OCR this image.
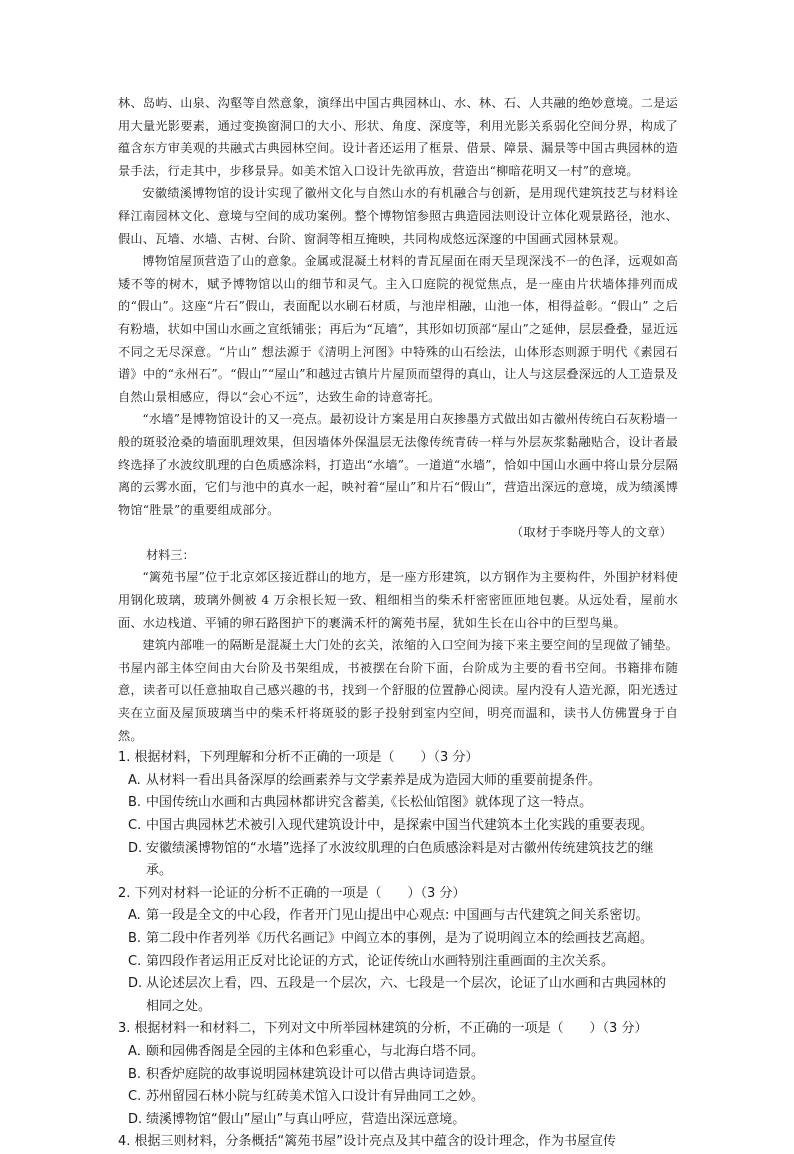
林、岛屿、山泉、沟壑等自然意象，演绎出中国古典园林山、水、林、石、人共融的绝妙意境。二是运用大量光影要素，通过变换窗洞口的大小、形状、角度、深度等，利用光影关系弱化空间分界，构成了蕴含东方审美观的共融式古典园林空间。设计者还运用了框景、借景、障景、漏景等中国古典园林的造景手法，行走其中，步移景异。如美术馆入口设计先欲再放，营造出“柳暗花明又一村”的意境。

安徽绩溪博物馆的设计实现了徽州文化与自然山水的有机融合与创新，是用现代建筑技艺与材料诠释江南园林文化、意境与空间的成功案例。整个博物馆参照古典造园法则设计立体化观景路径，池水、假山、瓦墙、水墙、古树、台阶、窗洞等相互掩映，共同构成悠远深邃的中国画式园林景观。

博物馆屋顶营造了山的意象。金属或混凝土材料的青瓦屋面在雨天呈现深浅不一的色泽，远观如高矮不等的树木，赋予博物馆以山的细节和灵气。主入口庭院的视觉焦点，是一座由片状墙体排列而成的“假山”。这座“片石”假山，表面配以水刷石材质，与池岸相融，山池一体，相得益彰。“假山” 之后有粉墙，状如中国山水画之宣纸铺张；再后为“瓦墙”，其形如切顶部“屋山”之延伸，层层叠叠，显近远不同之无尽深意。“片山” 想法源于《清明上河图》中特殊的山石绘法，山体形态则源于明代《素园石谱》中的“永州石”。“假山”“屋山”和越过古镇片片屋顶而望得的真山，让人与这层叠深远的人工造景及自然山景相感应，得以“会心不远”，达致生命的诗意寄托。

“水墙”是博物馆设计的又一亮点。最初设计方案是用白灰掺墨方式做出如古徽州传统白石灰粉墙一般的斑驳沧桑的墙面肌理效果，但因墙体外保温层无法像传统青砖一样与外层灰浆黏融贴合，设计者最终选择了水波纹肌理的白色质感涂料，打造出“水墙”。一道道“水墙”，恰如中国山水画中将山景分层隔离的云雾水面，它们与池中的真水一起，映衬着“屋山”和片石“假山”，营造出深远的意境，成为绩溪博物馆“胜景”的重要组成部分。

（取材于李晓丹等人的文章）

材料三：

“篱苑书屋”位于北京郊区接近群山的地方，是一座方形建筑，以方钢作为主要构件，外围护材料使用钢化玻璃，玻璃外侧被 4 万余根长短一致、粗细相当的柴禾杆密密匝匝地包裹。从远处看，屋前水面、水边栈道、平铺的卵石路图护下的裹满禾杆的篱苑书屋，犹如生长在山谷中的巨型鸟巢。

建筑内部唯一的隔断是混凝土大门处的玄关，浓缩的入口空间为接下来主要空间的呈现做了铺垫。书屋内部主体空间由大台阶及书架组成，书被摆在台阶下面，台阶成为主要的看书空间。书籍排布随意，读者可以任意抽取自己感兴趣的书，找到一个舒服的位置静心阅读。屋内没有人造光源，阳光透过夹在立面及屋顶玻璃当中的柴禾杆将斑驳的影子投射到室内空间，明亮而温和，读书人仿佛置身于自然。

1. 根据材料，下列理解和分析不正确的一项是（　　）（3 分）

A. 从材料一看出具备深厚的绘画素养与文学素养是成为造园大师的重要前提条件。
B. 中国传统山水画和古典园林都讲究含蓄美,《长松仙馆图》就体现了这一特点。
C. 中国古典园林艺术被引入现代建筑设计中，是探索中国当代建筑本土化实践的重要表现。
D. 安徽绩溪博物馆的“水墙”选择了水波纹肌理的白色质感涂料是对古徽州传统建筑技艺的继承。

2. 下列对材料一论证的分析不正确的一项是（　　）（3 分）

A. 第一段是全文的中心段，作者开门见山提出中心观点: 中国画与古代建筑之间关系密切。
B. 第二段中作者列举《历代名画记》中阎立本的事例，是为了说明阎立本的绘画技艺高超。
C. 第四段作者运用正反对比论证的方式，论证传统山水画特别注重画面的主次关系。
D. 从论述层次上看，四、五段是一个层次，六、七段是一个层次，论证了山水画和古典园林的相同之处。

3. 根据材料一和材料二，下列对文中所举园林建筑的分析，不正确的一项是（　　）（3 分）

A．
颐和园佛香阁是全园的主体和色彩重心，与北海白塔不同。
B. 积香炉庭院的故事说明园林建筑设计可以借古典诗词造景。
C. 苏州留园石林小院与红砖美术馆入口设计有异曲同工之妙。
D. 绩溪博物馆“假山”屋山”与真山呼应，营造出深远意境。

4. 根据三则材料，分条概括“篱苑书屋”设计亮点及其中蕴含的设计理念，作为书屋宣传
